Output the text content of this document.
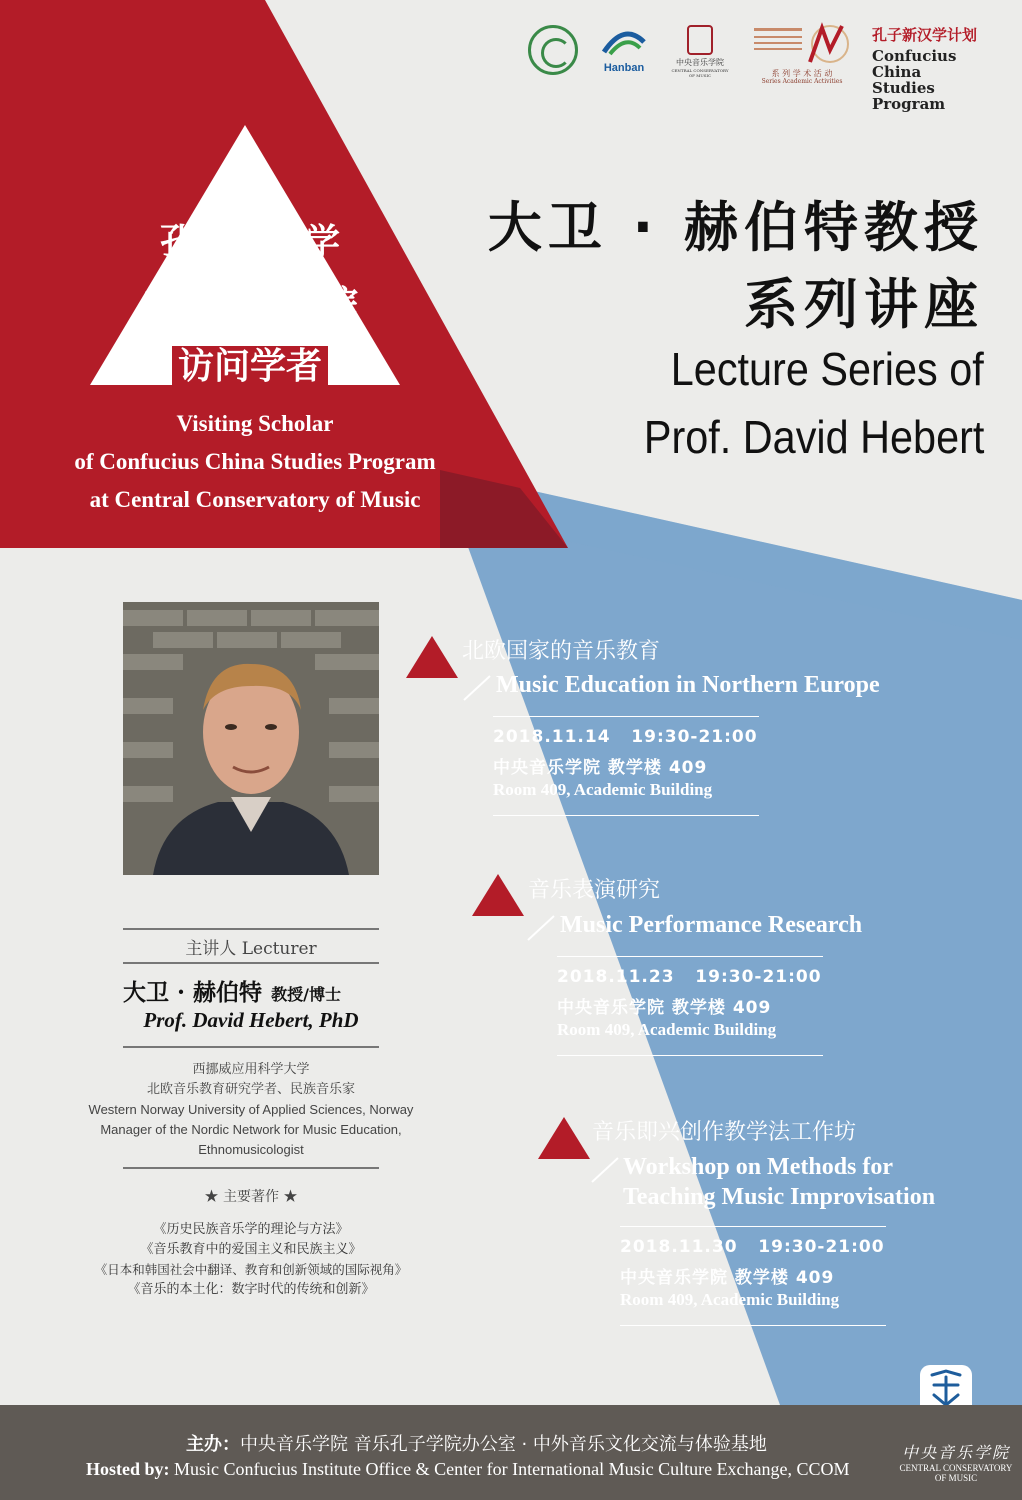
Hanban	中央音乐学院
CENTRAL CONSERVATORY OF MUSIC	系 列 学 术 活 动
Series Academic Activities
孔子新汉学计划
Confucius China
Studies Program
孔子新汉学
中央音乐学院
访问学者
Visiting Scholar
of Confucius China Studies Program
at Central Conservatory of Music
大卫 · 赫伯特教授
系列讲座
Lecture Series of
Prof. David Hebert
主讲人 Lecturer
大卫 · 赫伯特 教授/博士
Prof. David Hebert, PhD
西挪威应用科学大学
北欧音乐教育研究学者、民族音乐家
Western Norway University of Applied Sciences, Norway
Manager of the Nordic Network for Music Education,
Ethnomusicologist
★ 主要著作 ★
《历史民族音乐学的理论与方法》
《音乐教育中的爱国主义和民族主义》
《日本和韩国社会中翻译、教育和创新领域的国际视角》
《音乐的本土化：数字时代的传统和创新》
北欧国家的音乐教育
Music Education in Northern Europe
2018.11.14   19:30-21:00
中央音乐学院 教学楼 409
Room 409, Academic Building
音乐表演研究
Music Performance Research
2018.11.23   19:30-21:00
中央音乐学院 教学楼 409
Room 409, Academic Building
音乐即兴创作教学法工作坊
Workshop on Methods for
Teaching Music Improvisation
2018.11.30   19:30-21:00
中央音乐学院 教学楼 409
Room 409, Academic Building
主办：中央音乐学院 音乐孔子学院办公室 · 中外音乐文化交流与体验基地
Hosted by: Music Confucius Institute Office & Center for International Music Culture Exchange, CCOM
中央音乐学院
CENTRAL CONSERVATORY
OF MUSIC
